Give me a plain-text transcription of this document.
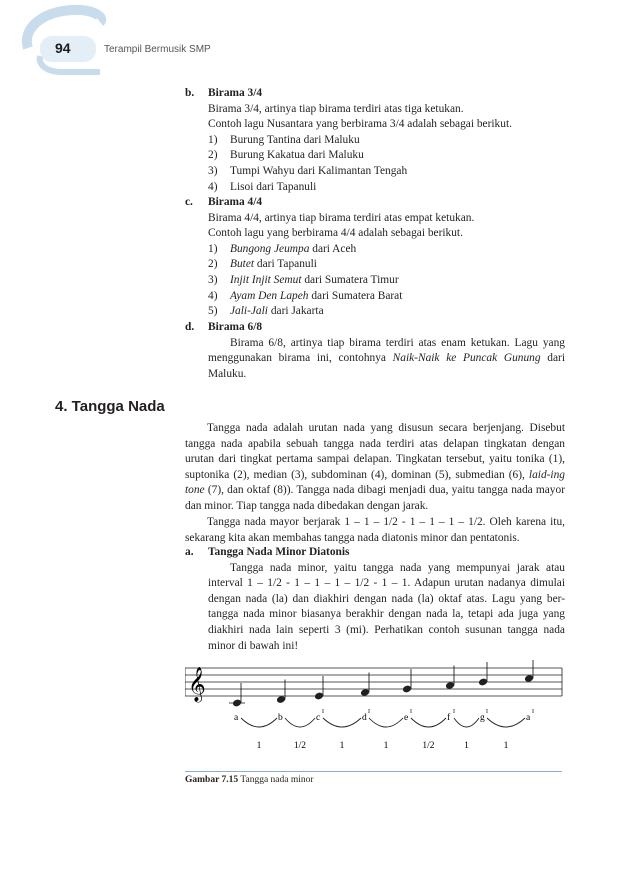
94	Terampil Bermusik SMP
b. Birama 3/4
Birama 3/4, artinya tiap birama terdiri atas tiga ketukan.
Contoh lagu Nusantara yang berbirama 3/4 adalah sebagai berikut.
1)	Burung Tantina dari Maluku
2)	Burung Kakatua dari Maluku
3)	Tumpi Wahyu dari Kalimantan Tengah
4)	Lisoi dari Tapanuli
c. Birama 4/4
Birama 4/4, artinya tiap birama terdiri atas empat ketukan.
Contoh lagu yang berbirama 4/4 adalah sebagai berikut.
1)	Bungong Jeumpa dari Aceh
2)	Butet dari Tapanuli
3)	Injit Injit Semut dari Sumatera Timur
4)	Ayam Den Lapeh dari Sumatera Barat
5)	Jali-Jali dari Jakarta
d. Birama 6/8
Birama 6/8, artinya tiap birama terdiri atas enam ketukan. Lagu yang menggunakan birama ini, contohnya Naik-Naik ke Puncak Gunung dari Maluku.
4. Tangga Nada
Tangga nada adalah urutan nada yang disusun secara berjenjang. Disebut tangga nada apabila sebuah tangga nada terdiri atas delapan tingkatan dengan urutan dari tingkat pertama sampai delapan. Tingkatan tersebut, yaitu tonika (1), suptonika (2), median (3), subdominan (4), dominan (5), submedian (6), laid-ing tone (7), dan oktaf (8)). Tangga nada dibagi menjadi dua, yaitu tangga nada mayor dan minor. Tiap tangga nada dibedakan dengan jarak.
Tangga nada mayor berjarak 1 – 1 – 1/2 - 1 – 1 – 1 – 1/2. Oleh karena itu, sekarang kita akan membahas tangga nada diatonis minor dan pentatonis.
a. Tangga Nada Minor Diatonis
Tangga nada minor, yaitu tangga nada yang mempunyai jarak atau interval 1 – 1/2 - 1 – 1 – 1 – 1/2 - 1 – 1. Adapun urutan nadanya dimulai dengan nada (la) dan diakhiri dengan nada (la) oktaf atas. Lagu yang ber-tangga nada minor biasanya berakhir dengan nada la, tetapi ada juga yang diakhiri nada lain seperti 3 (mi). Perhatikan contoh susunan tangga nada minor di bawah ini!
𝄞
a	b	c
I
d
I
e
I
f
I
g
I
a
I
1	1/2	1	1	1/2	1	1
Gambar 7.15 Tangga nada minor
